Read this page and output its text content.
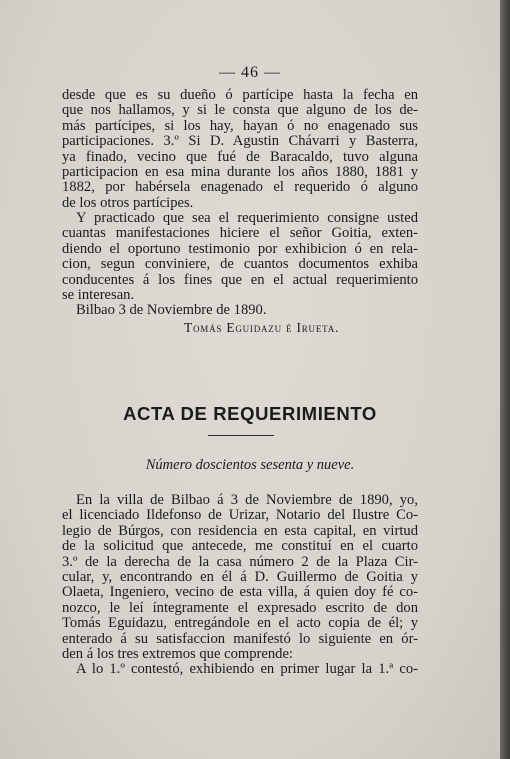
— 46 —
desde que es su dueño ó partícipe hasta la fecha en
que nos hallamos, y si le consta que alguno de los de-
más partícipes, si los hay, hayan ó no enagenado sus
participaciones. 3.º Si D. Agustin Chávarri y Basterra,
ya finado, vecino que fué de Baracaldo, tuvo alguna
participacion en esa mina durante los años 1880, 1881 y
1882, por habérsela enagenado el requerido ó alguno
de los otros partícipes.
Y practicado que sea el requerimiento consigne usted
cuantas manifestaciones hiciere el señor Goitia, exten-
diendo el oportuno testimonio por exhibicion ó en rela-
cion, segun conviniere, de cuantos documentos exhiba
conducentes á los fines que en el actual requerimiento
se interesan.
Bilbao 3 de Noviembre de 1890.
Tomás Eguidazu é Irueta.
ACTA DE REQUERIMIENTO
Número doscientos sesenta y nueve.
En la villa de Bilbao á 3 de Noviembre de 1890, yo,
el licenciado Ildefonso de Urizar, Notario del Ilustre Co-
legio de Búrgos, con residencia en esta capital, en virtud
de la solicitud que antecede, me constituí en el cuarto
3.º de la derecha de la casa número 2 de la Plaza Cir-
cular, y, encontrando en él á D. Guillermo de Goitia y
Olaeta, Ingeniero, vecino de esta villa, á quien doy fé co-
nozco, le leí íntegramente el expresado escrito de don
Tomás Eguidazu, entregándole en el acto copia de él; y
enterado á su satisfaccion manifestó lo siguiente en ór-
den á los tres extremos que comprende:
A lo 1.º contestó, exhibiendo en primer lugar la 1.ª co-
